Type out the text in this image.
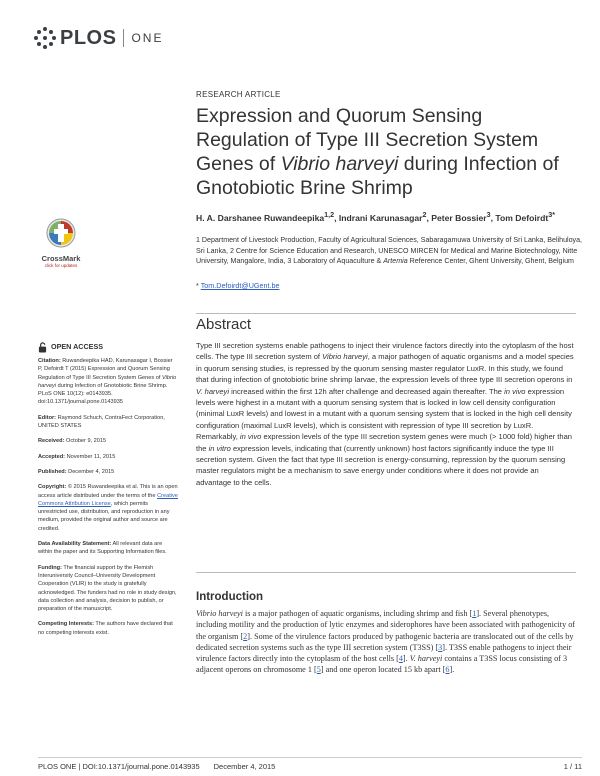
PLOS ONE
RESEARCH ARTICLE
Expression and Quorum Sensing Regulation of Type III Secretion System Genes of Vibrio harveyi during Infection of Gnotobiotic Brine Shrimp
H. A. Darshanee Ruwandeepika$^{1,2}$, Indrani Karunasagar$^2$, Peter Bossier$^3$, Tom Defoirdt$^{3*}$
1 Department of Livestock Production, Faculty of Agricultural Sciences, Sabaragamuwa University of Sri Lanka, Belihuloya, Sri Lanka, 2 Centre for Science Education and Research, UNESCO MIRCEN for Medical and Marine Biotechnology, Nitte University, Mangalore, India, 3 Laboratory of Aquaculture & Artemia Reference Center, Ghent University, Ghent, Belgium
* Tom.Defoirdt@UGent.be
CrossMark
click for updates
OPEN ACCESS

Citation: Ruwandeepika HAD, Karunasagar I, Bossier P, Defoirdt T (2015) Expression and Quorum Sensing Regulation of Type III Secretion System Genes of Vibrio harveyi during Infection of Gnotobiotic Brine Shrimp. PLoS ONE 10(12): e0143935. doi:10.1371/journal.pone.0143935

Editor: Raymond Schuch, ContraFect Corporation, UNITED STATES

Received: October 9, 2015

Accepted: November 11, 2015

Published: December 4, 2015

Copyright: © 2015 Ruwandeepika et al. This is an open access article distributed under the terms of the Creative Commons Attribution License, which permits unrestricted use, distribution, and reproduction in any medium, provided the original author and source are credited.

Data Availability Statement: All relevant data are within the paper and its Supporting Information files.

Funding: The financial support by the Flemish Interuniversity Council–University Development Cooperation (VLIR) to the study is gratefully acknowledged. The funders had no role in study design, data collection and analysis, decision to publish, or preparation of the manuscript.

Competing Interests: The authors have declared that no competing interests exist.

Abstract
Type III secretion systems enable pathogens to inject their virulence factors directly into the cytoplasm of the host cells. The type III secretion system of Vibrio harveyi, a major pathogen of aquatic organisms and a model species in quorum sensing studies, is repressed by the quorum sensing master regulator LuxR. In this study, we found that during infection of gnotobiotic brine shrimp larvae, the expression levels of three type III secretion operons in V. harveyi increased within the first 12h after challenge and decreased again thereafter. The in vivo expression levels were highest in a mutant with a quorum sensing system that is locked in low cell density configuration (minimal LuxR levels) and lowest in a mutant with a quorum sensing system that is locked in the high cell density configuration (maximal LuxR levels), which is consistent with repression of type III secretion by LuxR. Remarkably, in vivo expression levels of the type III secretion system genes were much (> 1000 fold) higher than the in vitro expression levels, indicating that (currently unknown) host factors significantly induce the type III secretion system. Given the fact that type III secretion is energy-consuming, repression by the quorum sensing master regulators might be a mechanism to save energy under conditions where it does not provide an advantage to the cells.
Introduction
Vibrio harveyi is a major pathogen of aquatic organisms, including shrimp and fish [1]. Several phenotypes, including motility and the production of lytic enzymes and siderophores have been associated with pathogenicity of the organism [2]. Some of the virulence factors produced by pathogenic bacteria are translocated out of the cells by dedicated secretion systems such as the type III secretion system (T3SS) [3]. T3SS enable pathogens to inject their virulence factors directly into the cytoplasm of the host cells [4]. V. harveyi contains a T3SS locus consisting of 3 adjacent operons on chromosome 1 [5] and one operon located 15 kb apart [6].
PLOS ONE | DOI:10.1371/journal.pone.0143935 December 4, 2015	1 / 11
